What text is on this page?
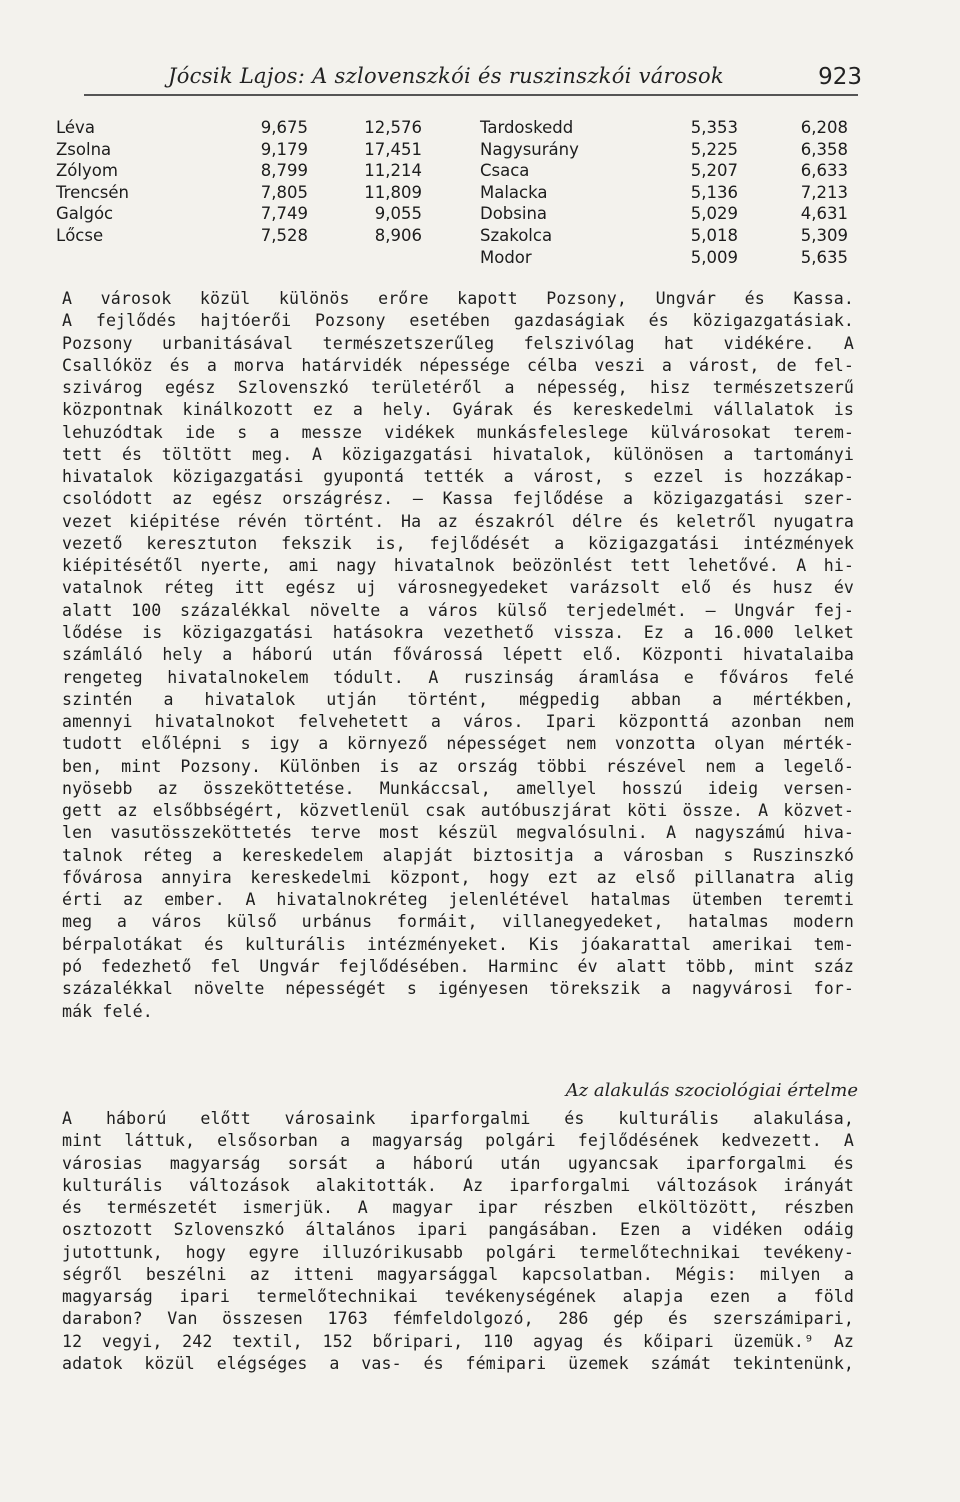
Jócsik Lajos: A szlovenszkói és ruszinszkói városok	923
Léva	9,675	12,576
Zsolna	9,179	17,451
Zólyom	8,799	11,214
Trencsén	7,805	11,809
Galgóc	7,749	9,055
Lőcse	7,528	8,906
Tardoskedd	5,353	6,208
Nagysurány	5,225	6,358
Csaca	5,207	6,633
Malacka	5,136	7,213
Dobsina	5,029	4,631
Szakolca	5,018	5,309
Modor	5,009	5,635
A városok közül különös erőre kapott Pozsony, Ungvár és Kassa.
A fejlődés hajtóerői Pozsony esetében gazdaságiak és közigazgatásiak.
Pozsony urbanitásával természetszerűleg felszivólag hat vidékére. A
Csallóköz és a morva határvidék népessége célba veszi a várost, de fel-
szivárog egész Szlovenszkó területéről a népesség, hisz természetszerű
központnak kinálkozott ez a hely. Gyárak és kereskedelmi vállalatok is
lehuzódtak ide s a messze vidékek munkásfeleslege külvárosokat terem-
tett és töltött meg. A közigazgatási hivatalok, különösen a tartományi
hivatalok közigazgatási gyupontá tették a várost, s ezzel is hozzákap-
csolódott az egész országrész. — Kassa fejlődése a közigazgatási szer-
vezet kiépitése révén történt. Ha az északról délre és keletről nyugatra
vezető keresztuton fekszik is, fejlődését a közigazgatási intézmények
kiépitésétől nyerte, ami nagy hivatalnok beözönlést tett lehetővé. A hi-
vatalnok réteg itt egész uj városnegyedeket varázsolt elő és husz év
alatt 100 százalékkal növelte a város külső terjedelmét. — Ungvár fej-
lődése is közigazgatási hatásokra vezethető vissza. Ez a 16.000 lelket
számláló hely a háború után fővárossá lépett elő. Központi hivatalaiba
rengeteg hivatalnokelem tódult. A ruszinság áramlása e főváros felé
szintén a hivatalok utján történt, mégpedig abban a mértékben,
amennyi hivatalnokot felvehetett a város. Ipari központtá azonban nem
tudott előlépni s igy a környező népességet nem vonzotta olyan mérték-
ben, mint Pozsony. Különben is az ország többi részével nem a legelő-
nyösebb az összeköttetése. Munkáccsal, amellyel hosszú ideig versen-
gett az elsőbbségért, közvetlenül csak autóbuszjárat köti össze. A közvet-
len vasutösszeköttetés terve most készül megvalósulni. A nagyszámú hiva-
talnok réteg a kereskedelem alapját biztositja a városban s Ruszinszkó
fővárosa annyira kereskedelmi központ, hogy ezt az első pillanatra alig
érti az ember. A hivatalnokréteg jelenlétével hatalmas ütemben teremti
meg a város külső urbánus formáit, villanegyedeket, hatalmas modern
bérpalotákat és kulturális intézményeket. Kis jóakarattal amerikai tem-
pó fedezhető fel Ungvár fejlődésében. Harminc év alatt több, mint száz
százalékkal növelte népességét s igényesen törekszik a nagyvárosi for-
mák felé.
Az alakulás szociológiai értelme
A háború előtt városaink iparforgalmi és kulturális alakulása,
mint láttuk, elsősorban a magyarság polgári fejlődésének kedvezett. A
városias magyarság sorsát a háború után ugyancsak iparforgalmi és
kulturális változások alakitották. Az iparforgalmi változások irányát
és természetét ismerjük. A magyar ipar részben elköltözött, részben
osztozott Szlovenszkó általános ipari pangásában. Ezen a vidéken odáig
jutottunk, hogy egyre illuzórikusabb polgári termelőtechnikai tevékeny-
ségről beszélni az itteni magyarsággal kapcsolatban. Mégis: milyen a
magyarság ipari termelőtechnikai tevékenységének alapja ezen a föld
darabon? Van összesen 1763 fémfeldolgozó, 286 gép és szerszámipari,
12 vegyi, 242 textil, 152 bőripari, 110 agyag és kőipari üzemük.⁹ Az
adatok közül elégséges a vas- és fémipari üzemek számát tekintenünk,
